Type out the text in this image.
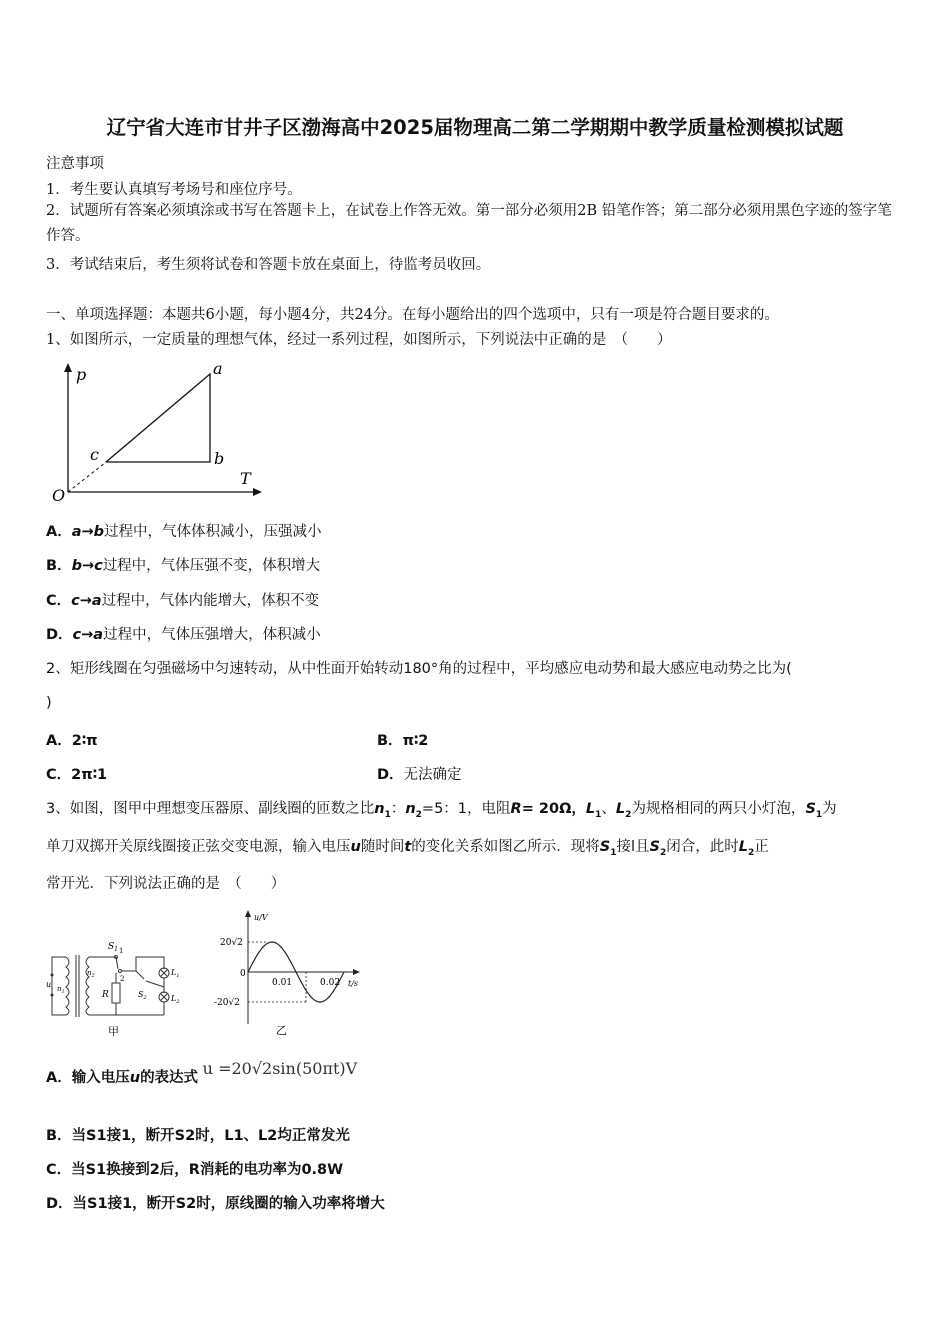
辽宁省大连市甘井子区渤海高中2025届物理高二第二学期期中教学质量检测模拟试题
注意事项
1．考生要认真填写考场号和座位序号。
2．试题所有答案必须填涂或书写在答题卡上，在试卷上作答无效。第一部分必须用2B 铅笔作答；第二部分必须用黑色字迹的签字笔作答。
3．考试结束后，考生须将试卷和答题卡放在桌面上，待监考员收回。
一、单项选择题：本题共6小题，每小题4分，共24分。在每小题给出的四个选项中，只有一项是符合题目要求的。
1、如图所示，一定质量的理想气体，经过一系列过程，如图所示，下列说法中正确的是　（　　）
p
T
O
a
b
c
A．a→b过程中，气体体积减小，压强减小
B．b→c过程中，气体压强不变，体积增大
C．c→a过程中，气体内能增大，体积不变
D．c→a过程中，气体压强增大，体积减小
2、矩形线圈在匀强磁场中匀速转动，从中性面开始转动180°角的过程中，平均感应电动势和最大感应电动势之比为(
)
A．2∶π	B．π∶2
C．2π∶1	D．无法确定
3、如图，图甲中理想变压器原、副线圈的匝数之比$n_1$：$n_2=5$：1，电阻R= 20Ω，$L_1$、$L_2$为规格相同的两只小灯泡，$S_1$为
单刀双掷开关原线圈接正弦交变电源，输入电压u随时间t的变化关系如图乙所示．现将$S_1$接l且$S_2$闭合，此时$L_2$正
常开光．下列说法正确的是　（　　）
$S_1$ 1
2
u $n_1$
$n_2$
R	$S_2$
$L_1$
$L_2$
甲
u/V
t/s
20√2
-20√2
0
0.01	0.02
乙
A．输入电压u的表达式 u =20√2sin(50πt)V
B．当S1接1，断开S2时，L1、L2均正常发光
C．当S1换接到2后，R消耗的电功率为0.8W
D．当S1接1，断开S2时，原线圈的输入功率将增大
